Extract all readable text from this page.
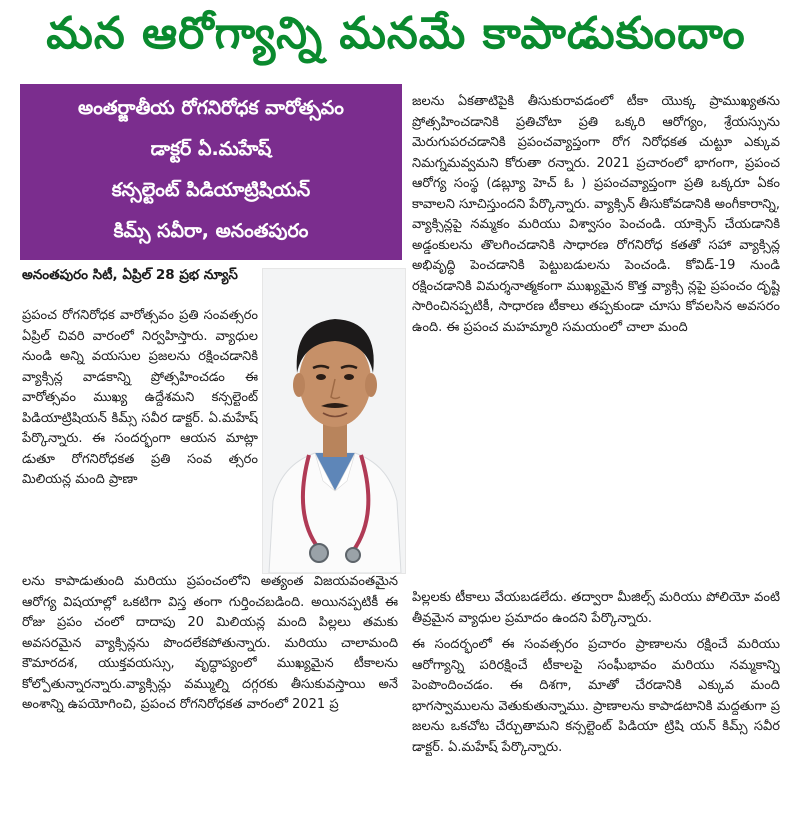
మన ఆరోగ్యాన్ని మనమే కాపాడుకుందాం
అంతర్జాతీయ రోగనిరోధక వారోత్సవం
డాక్టర్ ఏ.మహేష్
కన్సల్టెంట్ పిడియాట్రిషియన్
కిమ్స్ సవీరా, అనంతపురం
అనంతపురం సిటీ, ఏప్రిల్ 28 ప్రభ న్యూస్

ప్రపంచ రోగనిరోధక వారోత్సవం ప్రతి సంవత్సరం ఏప్రిల్ చివరి వారంలో నిర్వహిస్తారు. వ్యాధుల నుండి అన్ని వయసుల ప్రజలను రక్షించడానికి వ్యాక్సిన్ల వాడకాన్ని ప్రోత్సహించడం ఈ వారోత్సవం ముఖ్య ఉద్దేశమని కన్సల్టెంట్ పిడియాట్రిషియన్ కిమ్స్ సవీర డాక్టర్. ఏ.మహేష్ పేర్కొన్నారు. ఈ సందర్భంగా ఆయన మాట్లా డుతూ రోగనిరోధకత ప్రతి సంవ త్సరం మిలియన్ల మంది ప్రాణా

లను కాపాడుతుంది మరియు ప్రపంచంలోని అత్యంత విజయవంతమైన ఆరోగ్య విషయాల్లో ఒకటిగా విస్త తంగా గుర్తించబడింది. అయినప్పటికీ ఈ రోజు ప్రపం చంలో దాదాపు 20 మిలియన్ల మంది పిల్లలు తమకు అవసరమైన వ్యాక్సిన్లను పొందలేకపోతున్నారు. మరియు చాలామంది కౌమారదశ, యుక్తవయస్సు, వృద్ధాప్యంలో ముఖ్యమైన టీకాలను కోల్పోతున్నారన్నారు.వ్యాక్సిన్లు వమ్ముల్ని దగ్గరకు తీసుకువస్తాయి అనే అంశాన్ని ఉపయోగించి, ప్రపంచ రోగనిరోధకత వారంలో 2021 ప్ర

జలను ఏకతాటిపైకి తీసుకురావడంలో టీకా యొక్క ప్రాముఖ్యతను ప్రోత్సహించడానికి ప్రతిచోటా ప్రతి ఒక్కరి ఆరోగ్యం, శ్రేయస్సును మెరుగుపరచడానికి ప్రపంచవ్యాప్తంగా రోగ నిరోధకత చుట్టూ ఎక్కువ నిమగ్నమవ్వమని కోరుతా రన్నారు. 2021 ప్రచారంలో భాగంగా, ప్రపంచ ఆరోగ్య సంస్థ (డబ్ల్యూ హెచ్ ఓ ) ప్రపంచవ్యాప్తంగా ప్రతి ఒక్కరూ ఏకం కావాలని సూచిస్తుందని పేర్కొన్నారు. వ్యాక్సిన్ తీసుకోవడానికి అంగీకారాన్ని, వ్యాక్సిన్లపై నమ్మకం మరియు విశ్వాసం పెంచండి. యాక్సెస్ చేయడానికి అడ్డంకులను తొలగించడానికి సాధారణ రోగనిరోధ కతతో సహా వ్యాక్సిన్ల అభివృద్ధి పెంచడానికి పెట్టుబడులను పెంచండి. కోవిడ్-19 నుండి రక్షించడానికి విమర్శనాత్మకంగా ముఖ్యమైన కొత్త వ్యాక్సి న్లపై ప్రపంచం దృష్టి సారించినప్పటికీ, సాధారణ టీకాలు తప్పకుండా చూసు కోవలసిన అవసరం ఉంది. ఈ ప్రపంచ మహమ్మారి సమయంలో చాలా మంది

పిల్లలకు టీకాలు వేయబడలేదు. తద్వారా మీజిల్స్ మరియు పోలియో వంటి తీవ్రమైన వ్యాధుల ప్రమాదం ఉందని పేర్కొన్నారు.
ఈ సందర్భంలో ఈ సంవత్సరం ప్రచారం ప్రాణాలను రక్షించే మరియు ఆరోగ్యాన్ని పరిరక్షించే టీకాలపై సంఘీభావం మరియు నమ్మకాన్ని పెంపొందించడం. ఈ దిశగా, మాతో చేరడానికి ఎక్కువ మంది భాగస్వాములను వెతుకుతున్నాము. ప్రాణాలను కాపాడటానికి మద్దతుగా ప్ర జలను ఒకచోట చేర్చుతామని కన్సల్టెంట్ పిడియా ట్రిషి యన్ కిమ్స్ సవీర డాక్టర్. ఏ.మహేష్ పేర్కొన్నారు.
